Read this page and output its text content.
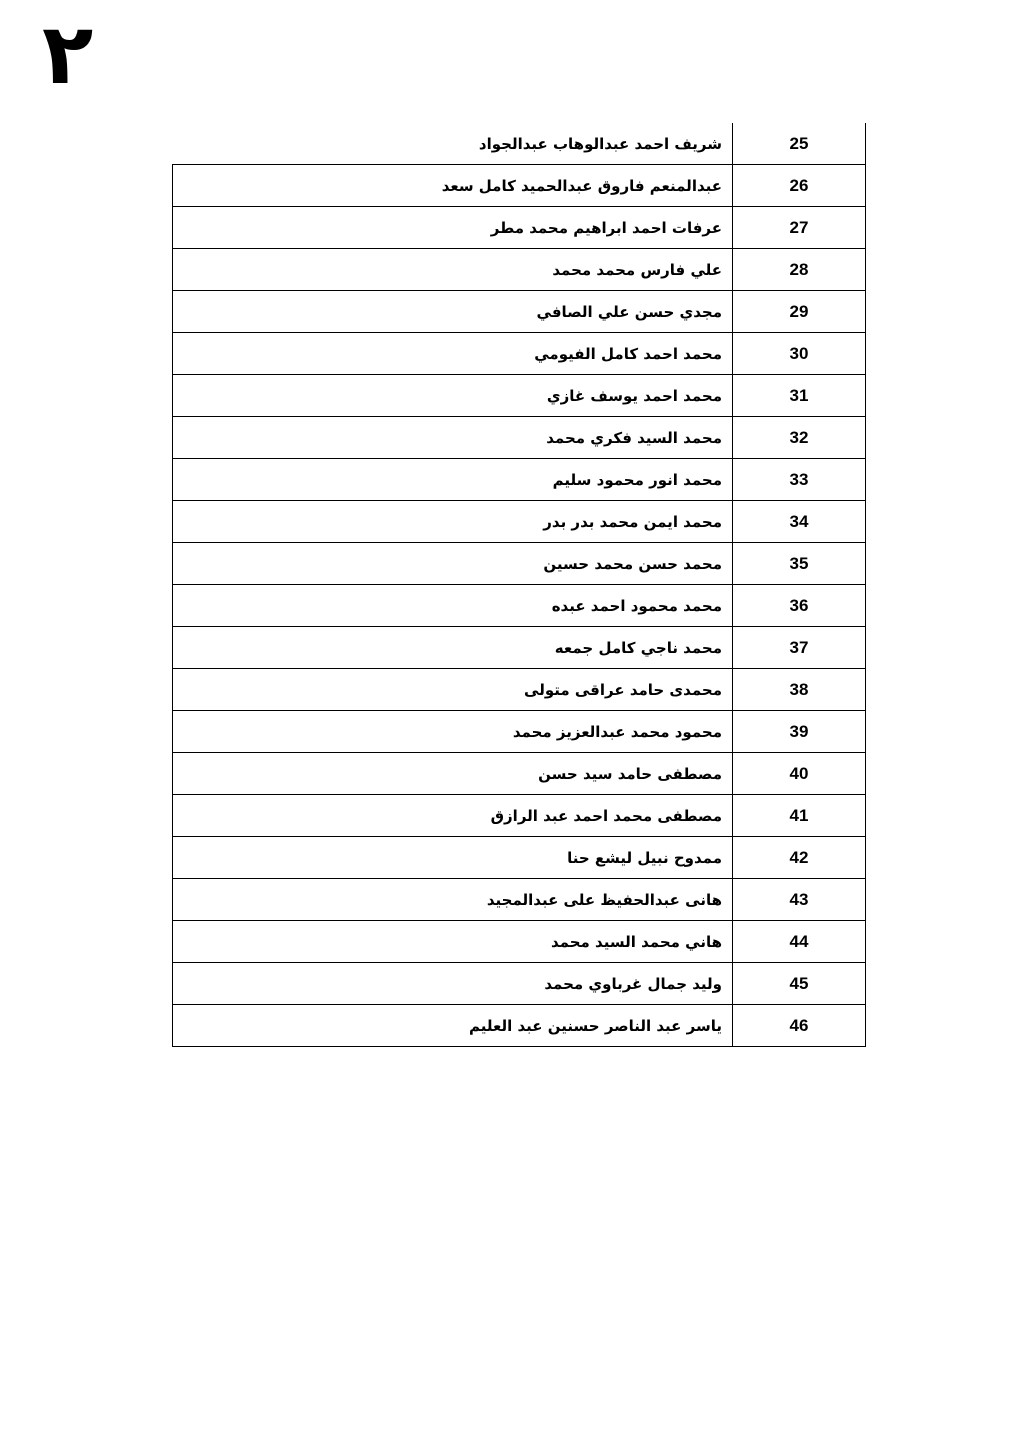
٢
25	شريف احمد عبدالوهاب عبدالجواد
26	عبدالمنعم فاروق عبدالحميد كامل سعد
27	عرفات احمد ابراهيم محمد مطر
28	علي فارس محمد محمد
29	مجدي حسن علي الصافي
30	محمد احمد كامل الفيومي
31	محمد احمد يوسف غازي
32	محمد السيد فكري محمد
33	محمد انور محمود سليم
34	محمد ايمن محمد بدر بدر
35	محمد حسن محمد حسين
36	محمد محمود احمد عبده
37	محمد ناجي كامل جمعه
38	محمدى حامد عراقى متولى
39	محمود محمد عبدالعزيز محمد
40	مصطفى حامد سيد حسن
41	مصطفى محمد احمد عبد الرازق
42	ممدوح نبيل ليشع حنا
43	هانى عبدالحفيظ على عبدالمجيد
44	هاني محمد السيد محمد
45	وليد جمال غرباوي محمد
46	ياسر عبد الناصر حسنين عبد العليم
